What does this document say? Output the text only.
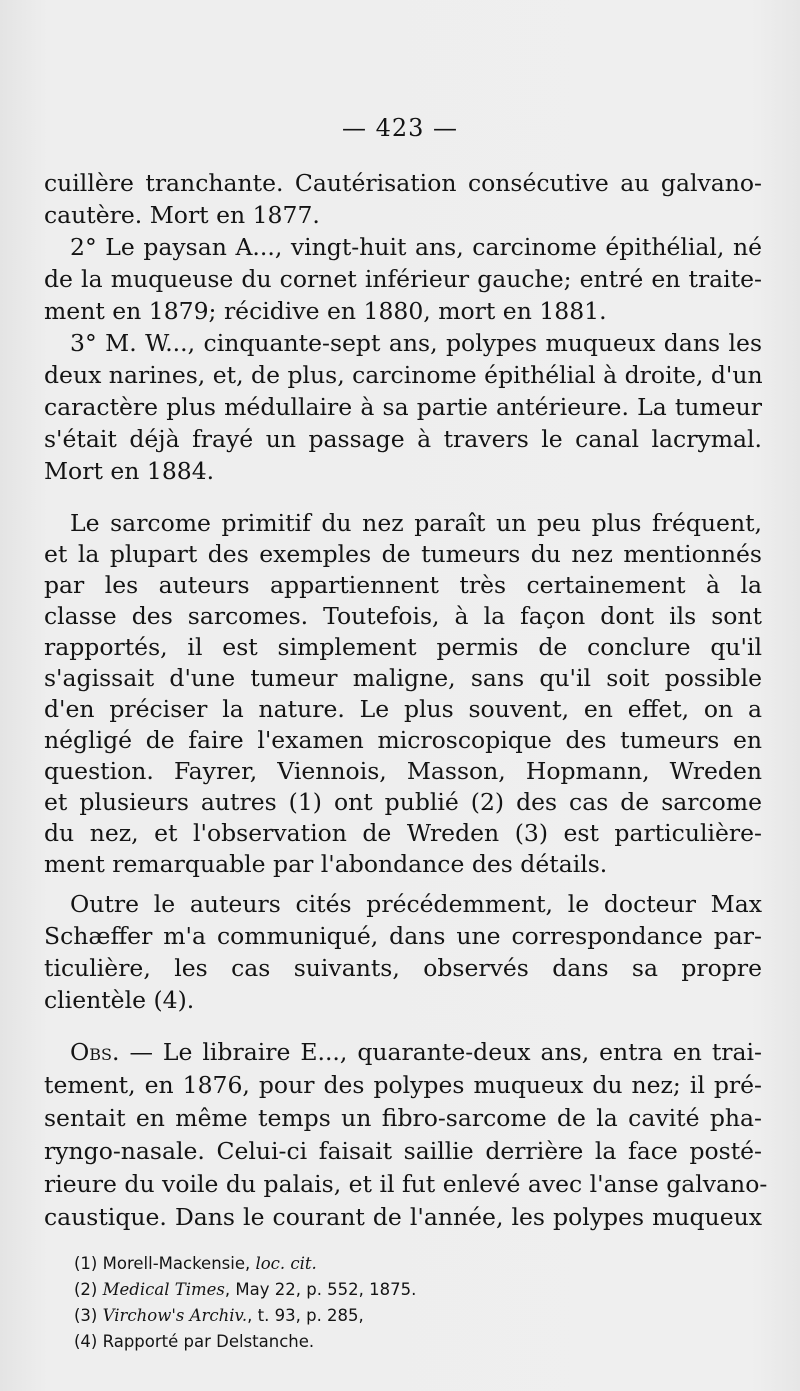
— 423 —
cuillère tranchante. Cautérisation consécutive au galvano-
cautère. Mort en 1877.
2° Le paysan A..., vingt-huit ans, carcinome épithélial, né
de la muqueuse du cornet inférieur gauche; entré en traite-
ment en 1879; récidive en 1880, mort en 1881.
3° M. W..., cinquante-sept ans, polypes muqueux dans les
deux narines, et, de plus, carcinome épithélial à droite, d'un
caractère plus médullaire à sa partie antérieure. La tumeur
s'était déjà frayé un passage à travers le canal lacrymal.
Mort en 1884.
Le sarcome primitif du nez paraît un peu plus fréquent,
et la plupart des exemples de tumeurs du nez mentionnés
par les auteurs appartiennent très certainement à la
classe des sarcomes. Toutefois, à la façon dont ils sont
rapportés, il est simplement permis de conclure qu'il
s'agissait d'une tumeur maligne, sans qu'il soit possible
d'en préciser la nature. Le plus souvent, en effet, on a
négligé de faire l'examen microscopique des tumeurs en
question. Fayrer, Viennois, Masson, Hopmann, Wreden
et plusieurs autres (1) ont publié (2) des cas de sarcome
du nez, et l'observation de Wreden (3) est particulière-
ment remarquable par l'abondance des détails.
Outre le auteurs cités précédemment, le docteur Max
Schæffer m'a communiqué, dans une correspondance par-
ticulière, les cas suivants, observés dans sa propre
clientèle (4).
Obs. — Le libraire E..., quarante-deux ans, entra en trai-
tement, en 1876, pour des polypes muqueux du nez; il pré-
sentait en même temps un fibro-sarcome de la cavité pha-
ryngo-nasale. Celui-ci faisait saillie derrière la face posté-
rieure du voile du palais, et il fut enlevé avec l'anse galvano-
caustique. Dans le courant de l'année, les polypes muqueux
(1) Morell-Mackensie, loc. cit.
(2) Medical Times, May 22, p. 552, 1875.
(3) Virchow's Archiv., t. 93, p. 285,
(4) Rapporté par Delstanche.
